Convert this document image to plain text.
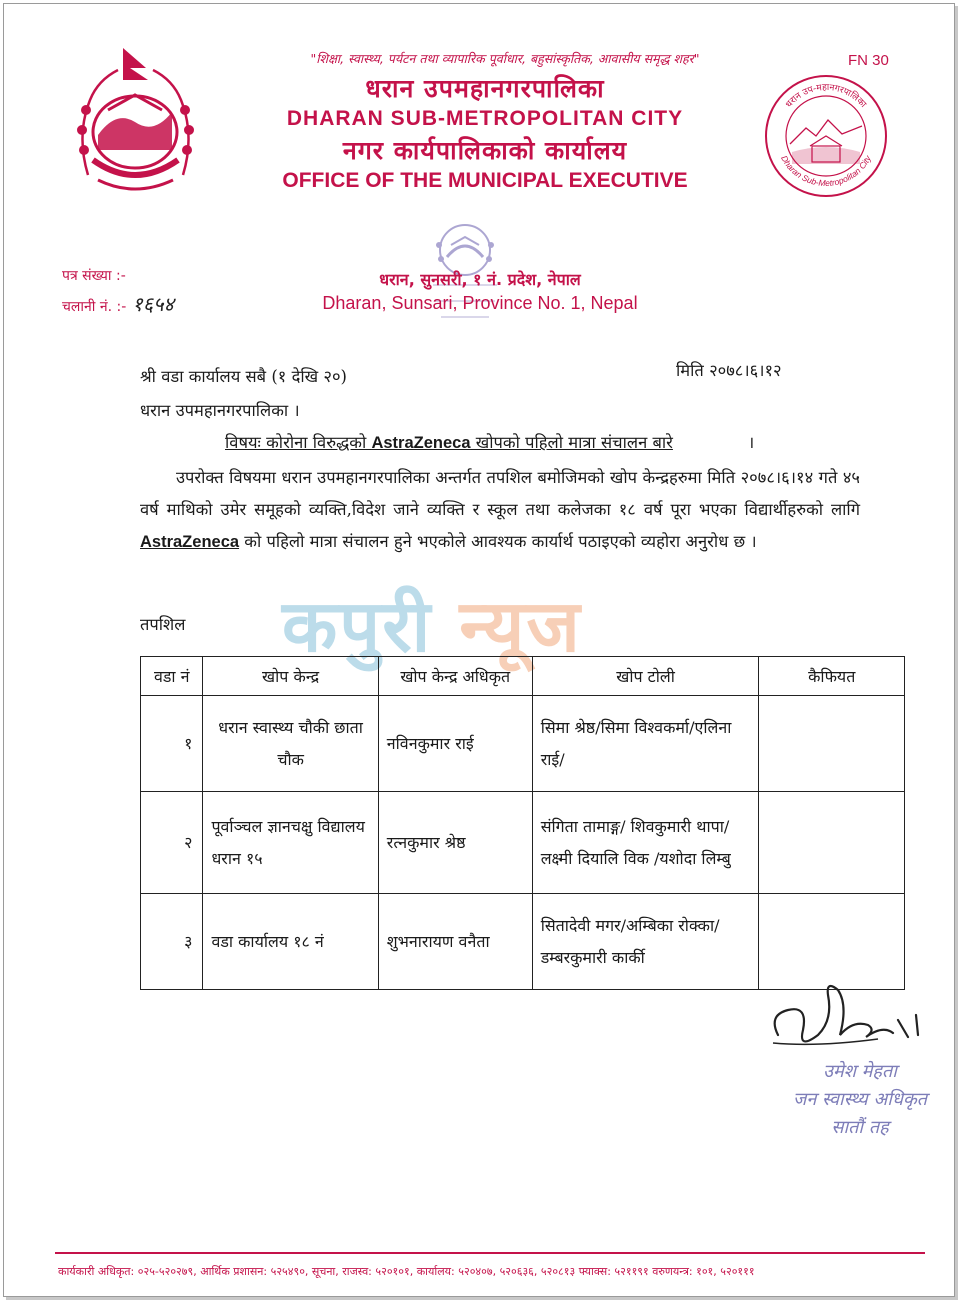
"शिक्षा, स्वास्थ्य, पर्यटन तथा व्यापारिक पूर्वाधार, बहुसांस्कृतिक, आवासीय समृद्ध शहर"

धरान उपमहानगरपालिका

DHARAN SUB-METROPOLITAN CITY

नगर कार्यपालिकाको कार्यालय

OFFICE OF THE MUNICIPAL EXECUTIVE

FN 30
धरान उप-महानगरपालिका
Dharan Sub-Metropolitan City
पत्र संख्या :-
चलानी नं. :- १६५४
धरान, सुनसरी, १ नं. प्रदेश, नेपाल
Dharan, Sunsari, Province No. 1, Nepal
श्री वडा कार्यालय सबै (१ देखि २०)
धरान उपमहानगरपालिका ।
मिति २०७८।६।१२
विषयः कोरोना विरुद्धको AstraZeneca खोपको पहिलो मात्रा संचालन बारे	।

उपरोक्त विषयमा धरान उपमहानगरपालिका अन्तर्गत तपशिल बमोजिमको खोप केन्द्रहरुमा मिति २०७८।६।१४ गते ४५ वर्ष माथिको उमेर समूहको व्यक्ति,विदेश जाने व्यक्ति र स्कूल तथा कलेजका १८ वर्ष पूरा भएका विद्यार्थीहरुको लागि AstraZeneca को पहिलो मात्रा संचालन हुने भएकोले आवश्यक कार्यार्थ पठाइएको व्यहोरा अनुरोध छ ।

तपशिल कपुरी न्यूज
वडा नं	खोप केन्द्र	खोप केन्द्र अधिकृत	खोप टोली	कैफियत
१	धरान स्वास्थ्य चौकी छाता चौक	नविनकुमार राई	सिमा श्रेष्ठ/सिमा विश्वकर्मा/एलिना राई/	
२	पूर्वाञ्चल ज्ञानचक्षु विद्यालय धरान १५	रत्नकुमार श्रेष्ठ	संगिता तामाङ्ग/ शिवकुमारी थापा/लक्ष्मी दियालि विक /यशोदा लिम्बु	
३	वडा कार्यालय १८ नं	शुभनारायण वनैता	सितादेवी मगर/अम्बिका रोक्का/डम्बरकुमारी कार्की	
उमेश मेहता
जन स्वास्थ्य अधिकृत
सातौं तह
कार्यकारी अधिकृत: ०२५-५२०२७९, आर्थिक प्रशासन: ५२५४९०, सूचना, राजस्व: ५२०१०१, कार्यालय: ५२०४०७, ५२०६३६, ५२०८१३ फ्याक्स: ५२११९१ वरुणयन्त्र: १०१, ५२०१११
